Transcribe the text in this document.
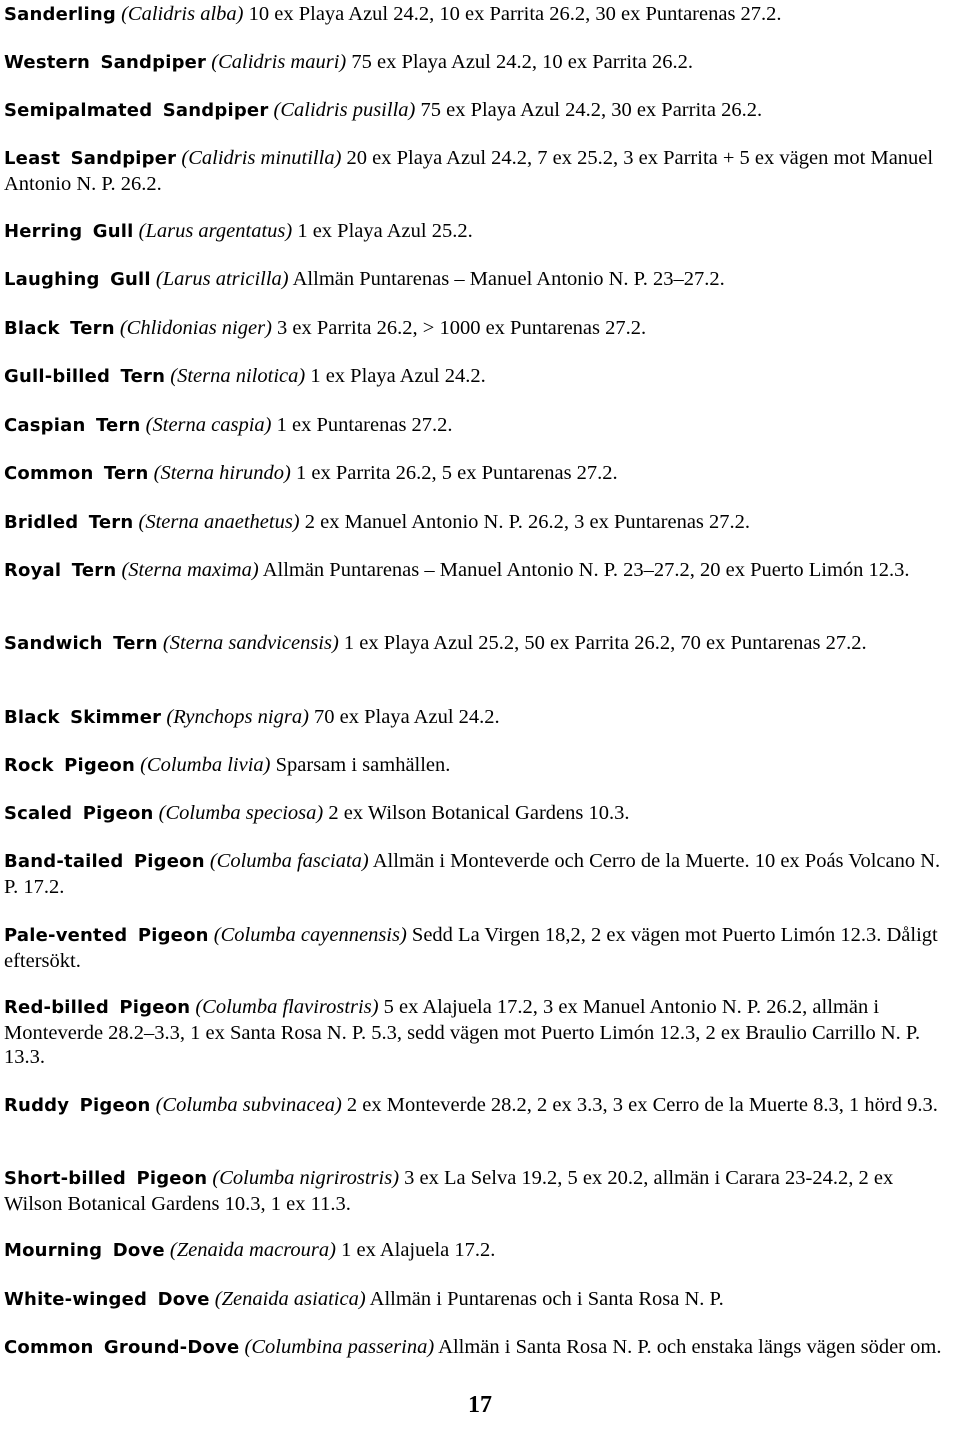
Sanderling (Calidris alba) 10 ex Playa Azul 24.2, 10 ex Parrita 26.2, 30 ex Puntarenas 27.2.
Western Sandpiper (Calidris mauri) 75 ex Playa Azul 24.2, 10 ex Parrita 26.2.
Semipalmated Sandpiper (Calidris pusilla) 75 ex Playa Azul 24.2, 30 ex Parrita 26.2.
Least Sandpiper (Calidris minutilla) 20 ex Playa Azul 24.2, 7 ex 25.2, 3 ex Parrita + 5 ex vägen mot Manuel Antonio N. P. 26.2.
Herring Gull (Larus argentatus) 1 ex Playa Azul 25.2.
Laughing Gull (Larus atricilla) Allmän Puntarenas – Manuel Antonio N. P. 23–27.2.
Black Tern (Chlidonias niger) 3 ex Parrita 26.2, > 1000 ex Puntarenas 27.2.
Gull-billed Tern (Sterna nilotica) 1 ex Playa Azul 24.2.
Caspian Tern (Sterna caspia) 1 ex Puntarenas 27.2.
Common Tern (Sterna hirundo) 1 ex Parrita 26.2, 5 ex Puntarenas 27.2.
Bridled Tern (Sterna anaethetus) 2 ex Manuel Antonio N. P. 26.2, 3 ex Puntarenas 27.2.
Royal Tern (Sterna maxima) Allmän Puntarenas – Manuel Antonio N. P. 23–27.2, 20 ex Puerto Limón 12.3.
Sandwich Tern (Sterna sandvicensis) 1 ex Playa Azul 25.2, 50 ex Parrita 26.2, 70 ex Puntarenas 27.2.
Black Skimmer (Rynchops nigra) 70 ex Playa Azul 24.2.
Rock Pigeon (Columba livia) Sparsam i samhällen.
Scaled Pigeon (Columba speciosa) 2 ex Wilson Botanical Gardens 10.3.
Band-tailed Pigeon (Columba fasciata) Allmän i Monteverde och Cerro de la Muerte. 10 ex Poás Volcano N. P. 17.2.
Pale-vented Pigeon (Columba cayennensis) Sedd La Virgen 18,2, 2 ex vägen mot Puerto Limón 12.3. Dåligt eftersökt.
Red-billed Pigeon (Columba flavirostris) 5 ex Alajuela 17.2, 3 ex Manuel Antonio N. P. 26.2, allmän i Monteverde 28.2–3.3, 1 ex Santa Rosa N. P. 5.3, sedd vägen mot Puerto Limón 12.3, 2 ex Braulio Carrillo N. P. 13.3.
Ruddy Pigeon (Columba subvinacea) 2 ex Monteverde 28.2, 2 ex 3.3, 3 ex Cerro de la Muerte 8.3, 1 hörd 9.3.
Short-billed Pigeon (Columba nigrirostris) 3 ex La Selva 19.2, 5 ex 20.2, allmän i Carara 23-24.2, 2 ex Wilson Botanical Gardens 10.3, 1 ex 11.3.
Mourning Dove (Zenaida macroura) 1 ex Alajuela 17.2.
White-winged Dove (Zenaida asiatica) Allmän i Puntarenas och i Santa Rosa N. P.
Common Ground-Dove (Columbina passerina) Allmän i Santa Rosa N. P. och enstaka längs vägen söder om.
17
